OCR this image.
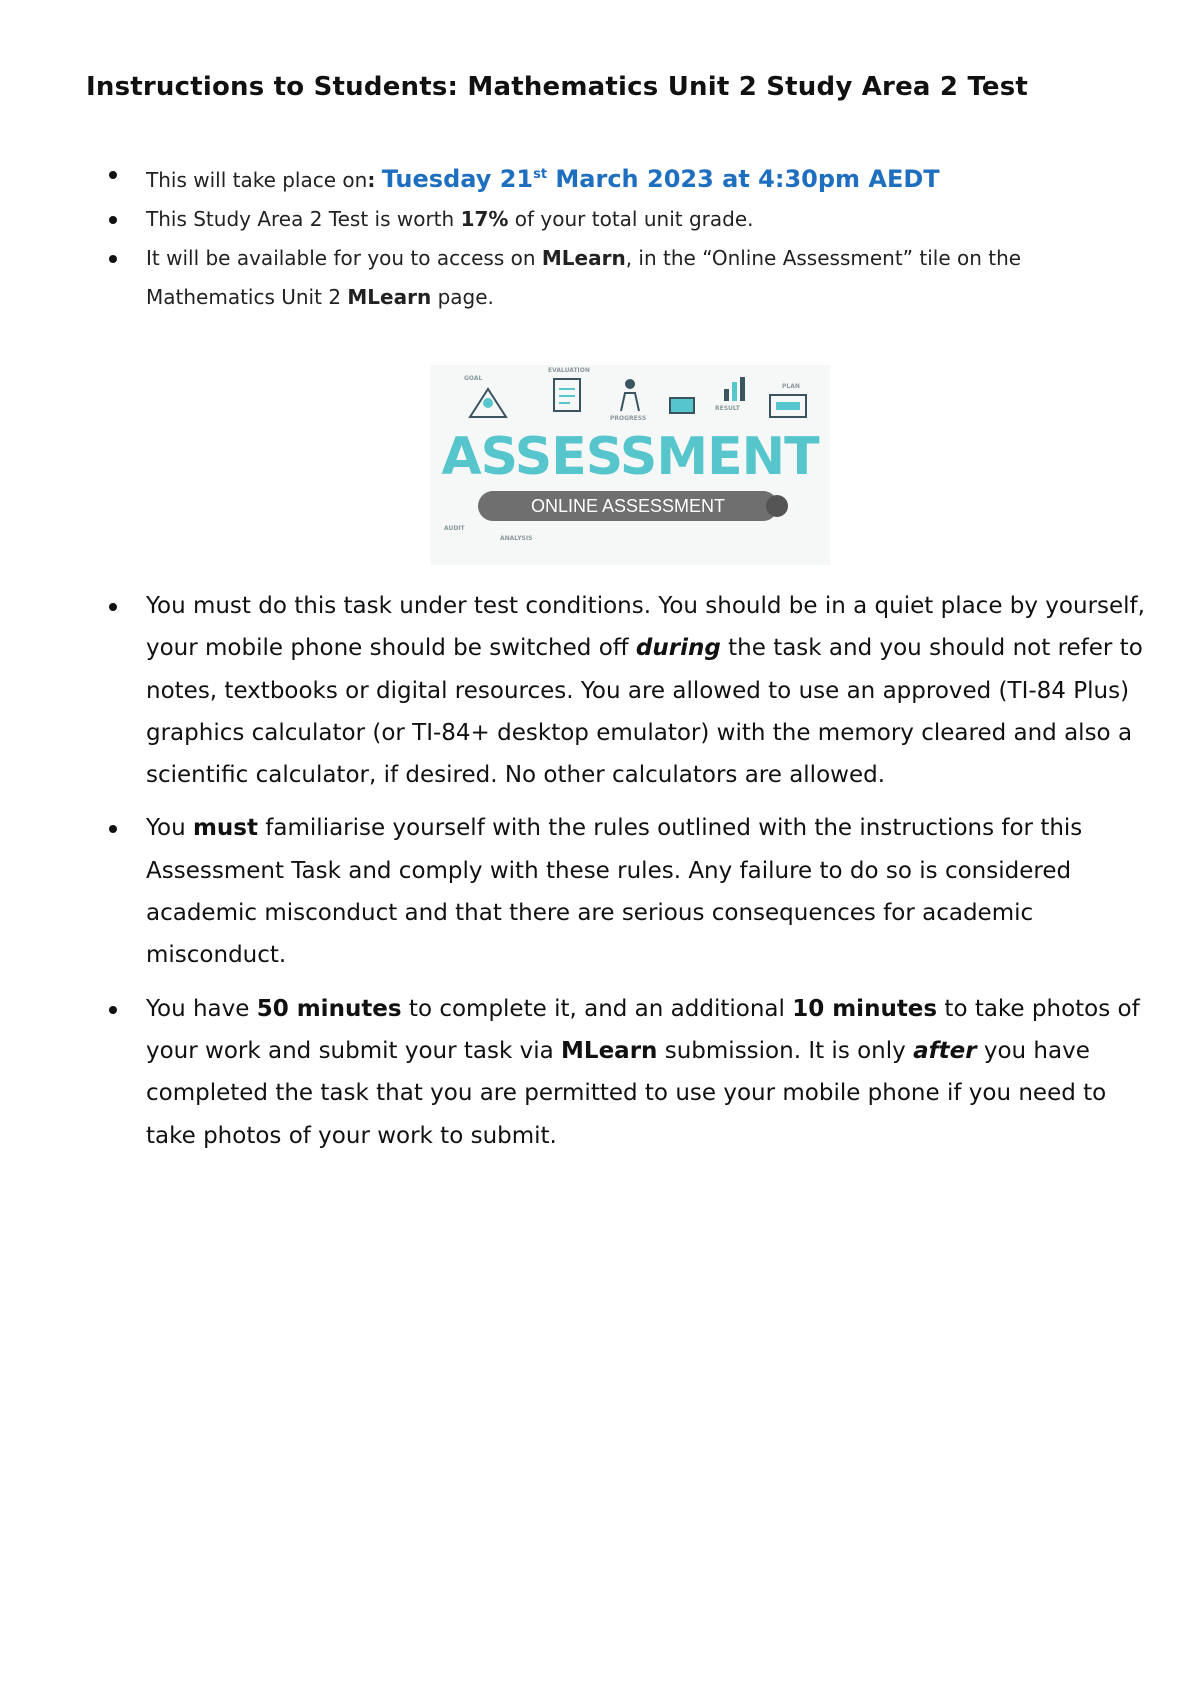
Instructions to Students: Mathematics Unit 2 Study Area 2 Test
This will take place on: Tuesday 21st March 2023 at 4:30pm AEDT
This Study Area 2 Test is worth 17% of your total unit grade.
It will be available for you to access on MLearn, in the “Online Assessment” tile on the Mathematics Unit 2 MLearn page.
GOAL
EVALUATION
PROGRESS
RESULT
PLAN
AUDIT
ANALYSIS
ASSESSMENT
ONLINE ASSESSMENT
You must do this task under test conditions. You should be in a quiet place by yourself, your mobile phone should be switched off during the task and you should not refer to notes, textbooks or digital resources. You are allowed to use an approved (TI-84 Plus) graphics calculator (or TI-84+ desktop emulator) with the memory cleared and also a scientific calculator, if desired. No other calculators are allowed.
You must familiarise yourself with the rules outlined with the instructions for this Assessment Task and comply with these rules. Any failure to do so is considered academic misconduct and that there are serious consequences for academic misconduct.
You have 50 minutes to complete it, and an additional 10 minutes to take photos of your work and submit your task via MLearn submission. It is only after you have completed the task that you are permitted to use your mobile phone if you need to take photos of your work to submit.
